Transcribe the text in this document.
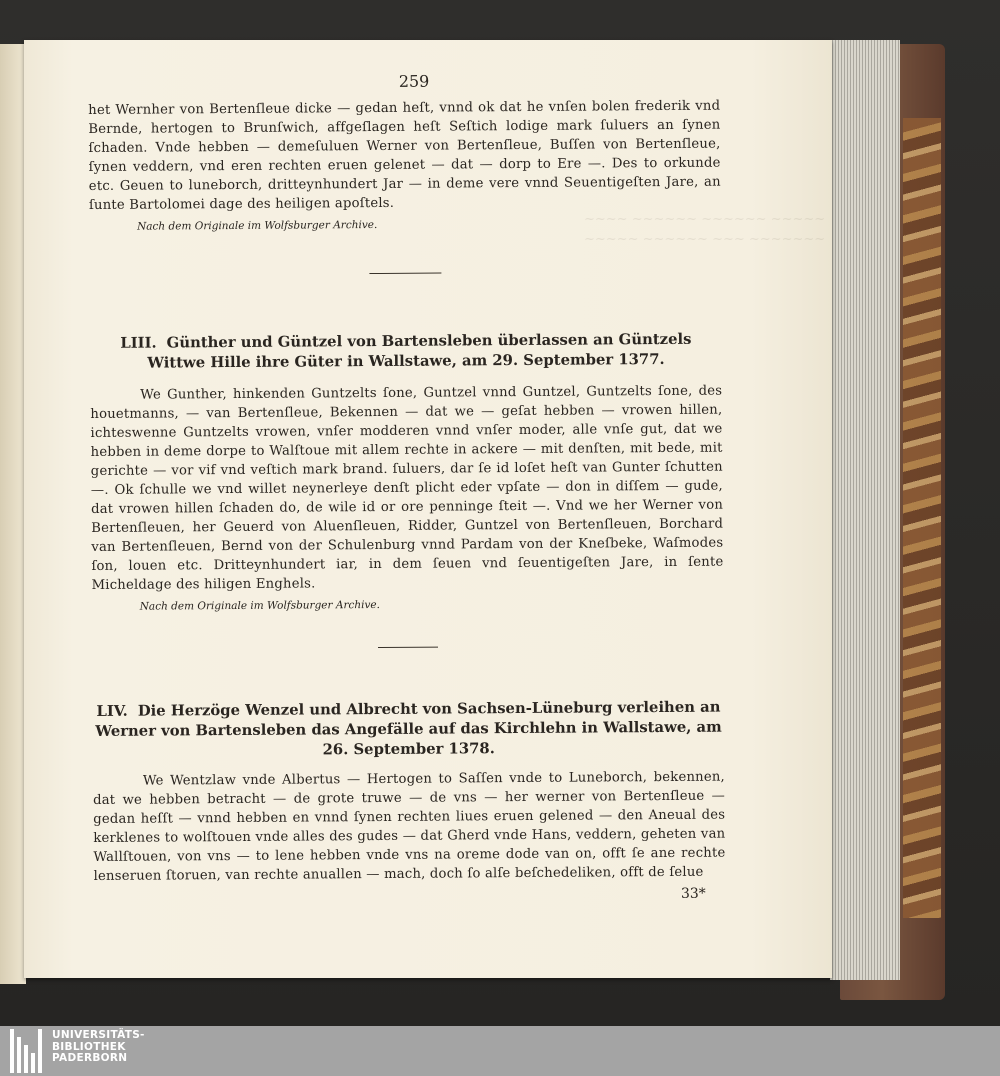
~~~~ ~~~~~~ ~~~~~~ ~~~~~
~~~~~ ~~~~~~ ~~~ ~~~~~~~
259

het Wernher von Bertenſleue dicke — gedan heſt, vnnd ok dat he vnſen bolen frederik vnd Bernde, hertogen to Brunſwich, affgeſlagen heſt Seſtich lodige mark ſuluers an ſynen ſchaden. Vnde hebben — demeſuluen Werner von Bertenſleue, Buſſen von Bertenſleue, ſynen veddern, vnd eren rechten eruen gelenet — dat — dorp to Ere —. Des to orkunde etc. Geuen to luneborch, dritteynhundert Jar — in deme vere vnnd Seuentigeſten Jare, an ſunte Bartolomei dage des heiligen apoſtels.

Nach dem Originale im Wolfsburger Archive.

LIII. Günther und Güntzel von Bartensleben überlassen an Güntzels Wittwe Hille ihre Güter in Wallstawe, am 29. September 1377.

We Gunther, hinkenden Guntzelts ſone, Guntzel vnnd Guntzel, Guntzelts ſone, des houetmanns, — van Bertenſleue, Bekennen — dat we — geſat hebben — vrowen hillen, ichteswenne Guntzelts vrowen, vnſer modderen vnnd vnſer moder, alle vnſe gut, dat we hebben in deme dorpe to Walſtoue mit allem rechte in ackere — mit denſten, mit bede, mit gerichte — vor vif vnd veſtich mark brand. ſuluers, dar ſe id loſet heſt van Gunter ſchutten —. Ok ſchulle we vnd willet neynerleye denſt plicht eder vpſate — don in diſſem — gude, dat vrowen hillen ſchaden do, de wile id or ore penninge ſteit —. Vnd we her Werner von Bertenſleuen, her Geuerd von Aluenſleuen, Ridder, Guntzel von Bertenſleuen, Borchard van Bertenſleuen, Bernd von der Schulenburg vnnd Pardam von der Kneſbeke, Waſmodes ſon, louen etc. Dritteynhundert iar, in dem ſeuen vnd ſeuentigeſten Jare, in ſente Micheldage des hiligen Enghels.

Nach dem Originale im Wolfsburger Archive.

LIV. Die Herzöge Wenzel und Albrecht von Sachsen-Lüneburg verleihen an Werner von Bartensleben das Angefälle auf das Kirchlehn in Wallstawe, am 26. September 1378.

We Wentzlaw vnde Albertus — Hertogen to Saſſen vnde to Luneborch, bekennen, dat we hebben betracht — de grote truwe — de vns — her werner von Bertenſleue — gedan heſſt — vnnd hebben en vnnd ſynen rechten liues eruen gelened — den Aneual des kerklenes to wolſtouen vnde alles des gudes — dat Gherd vnde Hans, veddern, geheten van Wallſtouen, von vns — to lene hebben vnde vns na oreme dode van on, offt ſe ane rechte lenseruen ſtoruen, van rechte anuallen — mach, doch ſo alſe beſchedeliken, offt de ſelue

33*
UNIVERSITÄTS-
BIBLIOTHEK
PADERBORN
